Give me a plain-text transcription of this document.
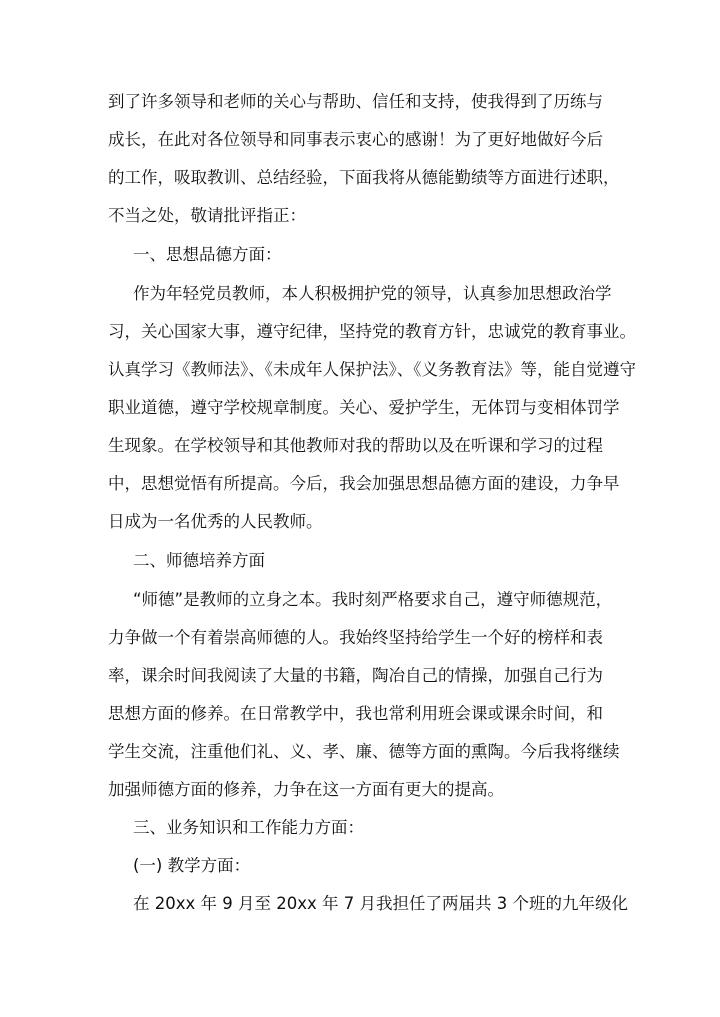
到了许多领导和老师的关心与帮助、信任和支持，使我得到了历练与
成长，在此对各位领导和同事表示衷心的感谢！为了更好地做好今后
的工作，吸取教训、总结经验，下面我将从德能勤绩等方面进行述职，
不当之处，敬请批评指正：
一、思想品德方面：
作为年轻党员教师，本人积极拥护党的领导，认真参加思想政治学
习，关心国家大事，遵守纪律，坚持党的教育方针，忠诚党的教育事业。
认真学习《教师法》、《未成年人保护法》、《义务教育法》等，能自觉遵守
职业道德，遵守学校规章制度。关心、爱护学生，无体罚与变相体罚学
生现象。在学校领导和其他教师对我的帮助以及在听课和学习的过程
中，思想觉悟有所提高。今后，我会加强思想品德方面的建设，力争早
日成为一名优秀的人民教师。
二、师德培养方面
“师德”是教师的立身之本。我时刻严格要求自己，遵守师德规范，
力争做一个有着崇高师德的人。我始终坚持给学生一个好的榜样和表
率，课余时间我阅读了大量的书籍，陶冶自己的情操，加强自己行为
思想方面的修养。在日常教学中，我也常利用班会课或课余时间，和
学生交流，注重他们礼、义、孝、廉、德等方面的熏陶。今后我将继续
加强师德方面的修养，力争在这一方面有更大的提高。
三、业务知识和工作能力方面：
(一) 教学方面：
在 20xx 年 9 月至 20xx 年 7 月我担任了两届共 3 个班的九年级化
